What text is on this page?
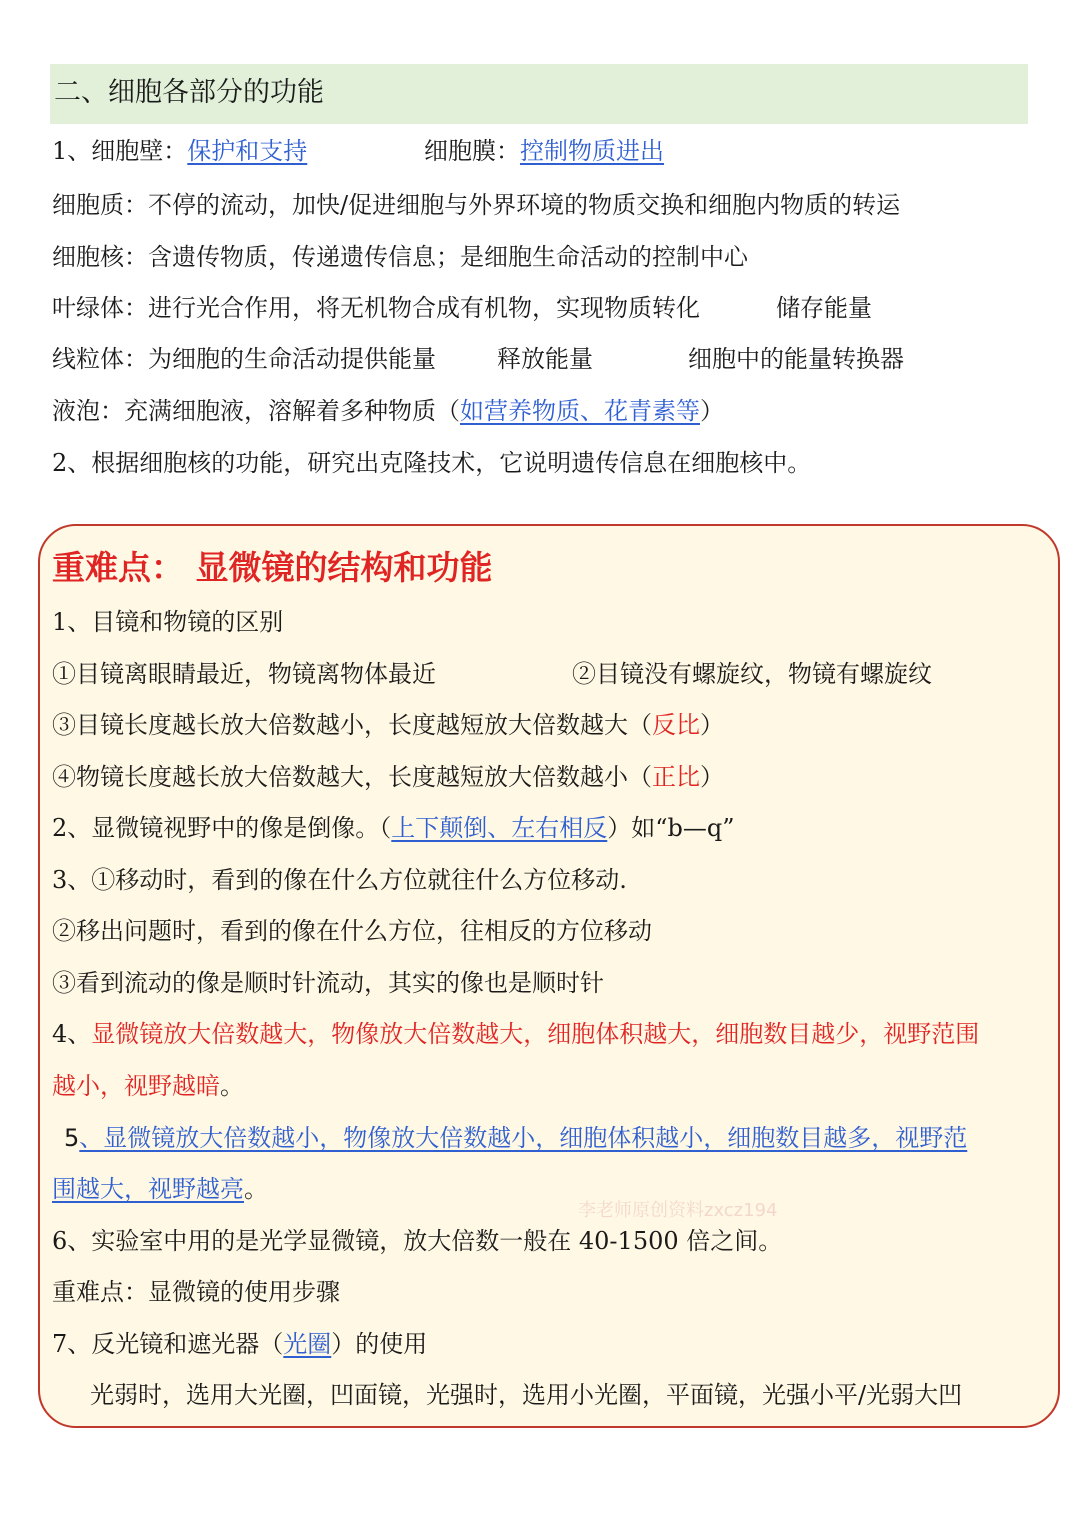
二、细胞各部分的功能
1、细胞壁：保护和支持	细胞膜：控制物质进出
细胞质：不停的流动，加快/促进细胞与外界环境的物质交换和细胞内物质的转运
细胞核：含遗传物质，传递遗传信息；是细胞生命活动的控制中心
叶绿体：进行光合作用，将无机物合成有机物，实现物质转化	储存能量
线粒体：为细胞的生命活动提供能量	释放能量	细胞中的能量转换器
液泡：充满细胞液，溶解着多种物质（如营养物质、花青素等）
2、根据细胞核的功能，研究出克隆技术，它说明遗传信息在细胞核中。
重难点： 显微镜的结构和功能
1、目镜和物镜的区别
①目镜离眼睛最近，物镜离物体最近	②目镜没有螺旋纹，物镜有螺旋纹
③目镜长度越长放大倍数越小，长度越短放大倍数越大（反比）
④物镜长度越长放大倍数越大，长度越短放大倍数越小（正比）
2、显微镜视野中的像是倒像。（上下颠倒、左右相反）如“b—q”
3、①移动时，看到的像在什么方位就往什么方位移动.
②移出问题时，看到的像在什么方位，往相反的方位移动
③看到流动的像是顺时针流动，其实的像也是顺时针
4、显微镜放大倍数越大，物像放大倍数越大，细胞体积越大，细胞数目越少，视野范围
越小，视野越暗。
5、显微镜放大倍数越小，物像放大倍数越小，细胞体积越小，细胞数目越多，视野范
围越大，视野越亮。
李老师原创资料zxcz194
6、实验室中用的是光学显微镜，放大倍数一般在 40-1500 倍之间。
重难点：显微镜的使用步骤
7、反光镜和遮光器（光圈）的使用
光弱时，选用大光圈，凹面镜，光强时，选用小光圈，平面镜，光强小平/光弱大凹
